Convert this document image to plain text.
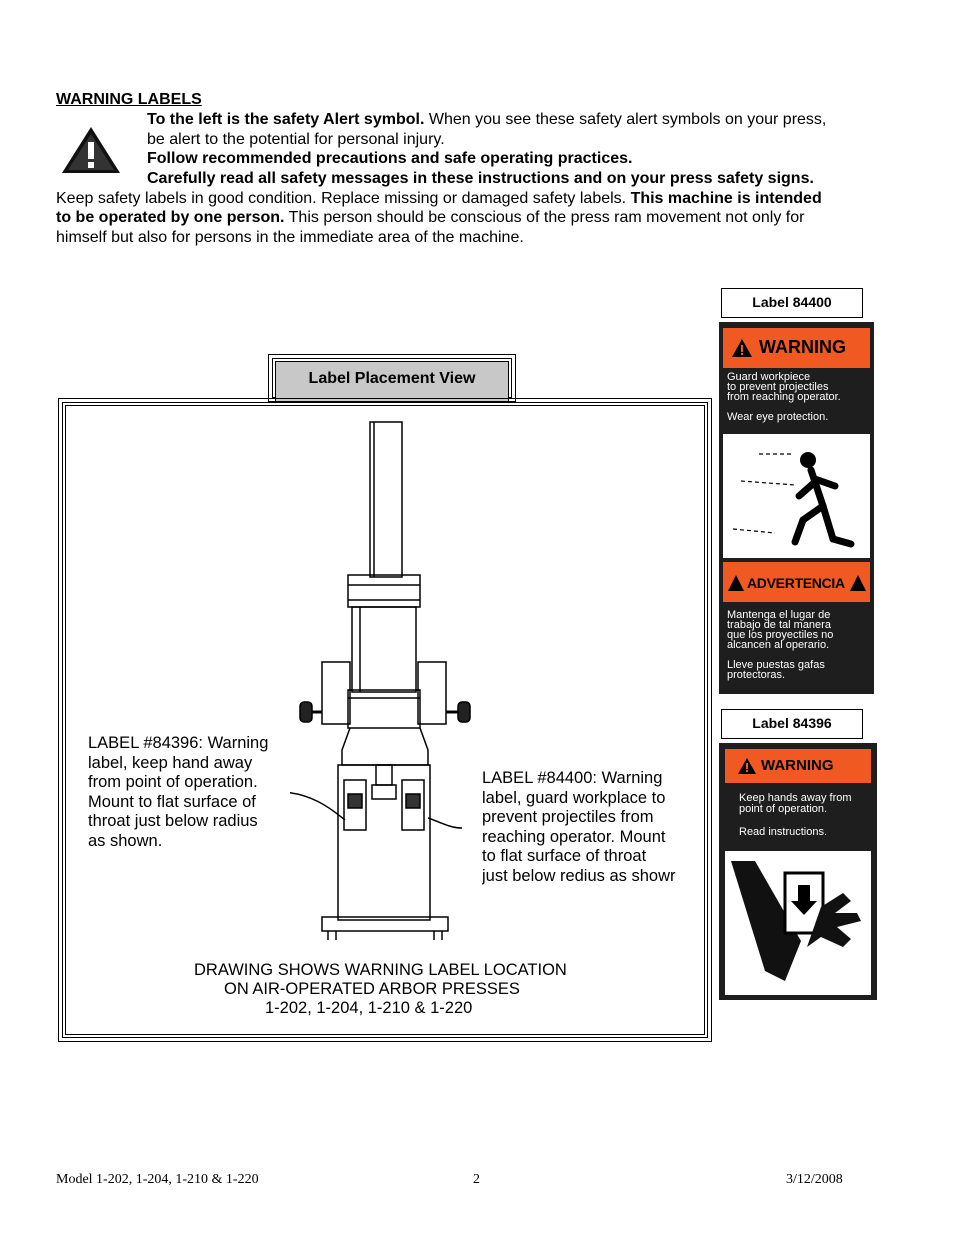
WARNING LABELS
To the left is the safety Alert symbol. When you see these safety alert symbols on your press,
be alert to the potential for personal injury.
Follow recommended precautions and safe operating practices.
Carefully read all safety messages in these instructions and on your press safety signs.
Keep safety labels in good condition. Replace missing or damaged safety labels. This machine is intended
to be operated by one person. This person should be conscious of the press ram movement not only for
himself but also for persons in the immediate area of the machine.
Label Placement View
LABEL #84396: Warning
label, keep hand away
from point of operation.
Mount to flat surface of
throat just below radius
as shown.
LABEL #84400: Warning
label, guard workplace to
prevent projectiles from
reaching operator. Mount
to flat surface of throat
just below redius as showr
DRAWING SHOWS WARNING LABEL LOCATION
ON AIR-OPERATED ARBOR PRESSES
1-202, 1-204, 1-210 & 1-220
Label 84400
WARNING
Guard workpiece
to prevent projectiles
from reaching operator.
Wear eye protection.
ADVERTENCIA
Mantenga el lugar de
trabajo de tal manera
que los proyectiles no
alcancen al operario.
Lleve puestas gafas
protectoras.
Label 84396
WARNING
Keep hands away from
point of operation.
Read instructions.
Model 1-202, 1-204, 1-210 & 1-220	2	3/12/2008
